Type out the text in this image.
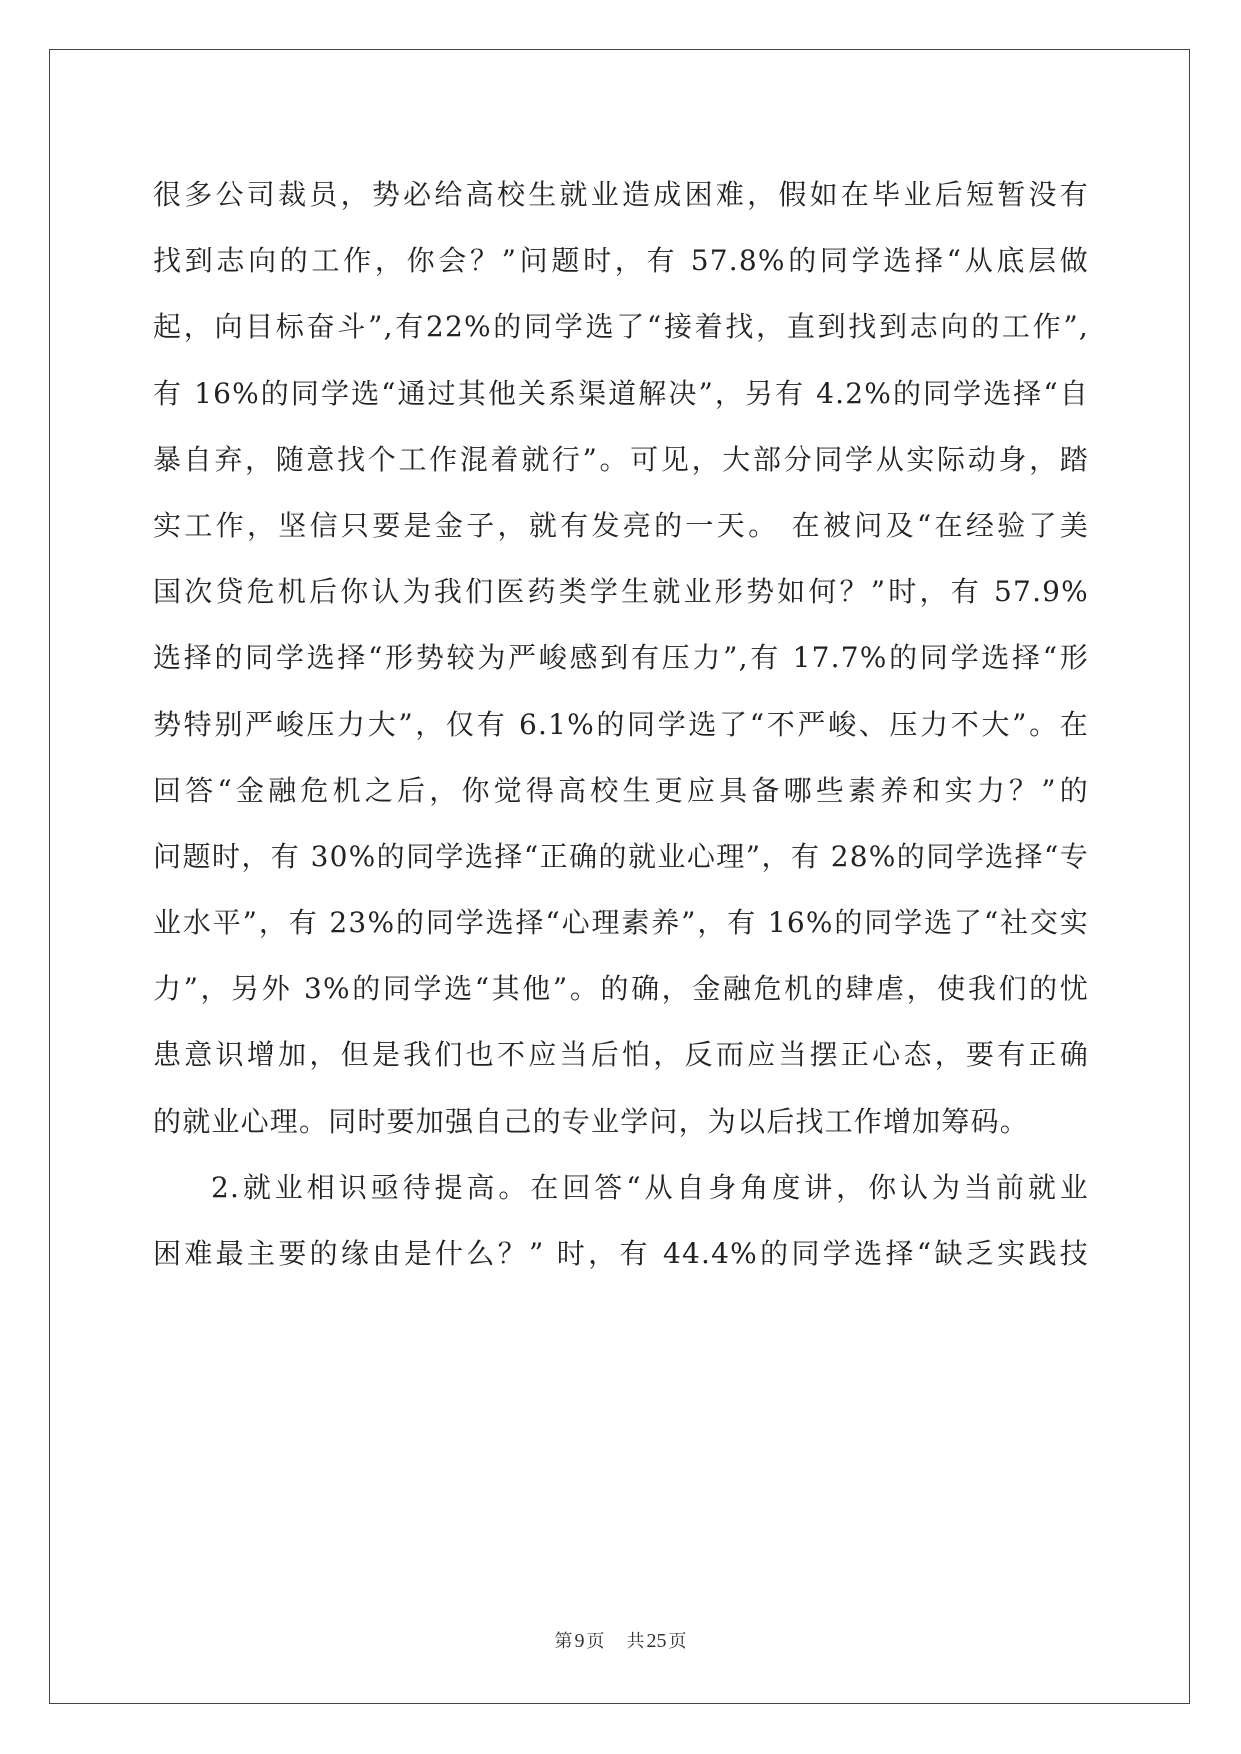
很多公司裁员，势必给高校生就业造成困难，假如在毕业后短暂没有
找到志向的工作，你会？”问题时，有 57.8%的同学选择“从底层做
起，向目标奋斗”,有22%的同学选了“接着找，直到找到志向的工作”,
有 16%的同学选“通过其他关系渠道解决”，另有 4.2%的同学选择“自
暴自弃，随意找个工作混着就行”。可见，大部分同学从实际动身，踏
实工作，坚信只要是金子，就有发亮的一天。 在被问及“在经验了美
国次贷危机后你认为我们医药类学生就业形势如何？”时，有 57.9%
选择的同学选择“形势较为严峻感到有压力”,有 17.7%的同学选择“形
势特别严峻压力大”，仅有 6.1%的同学选了“不严峻、压力不大”。在
回答“金融危机之后，你觉得高校生更应具备哪些素养和实力？”的
问题时，有 30%的同学选择“正确的就业心理”，有 28%的同学选择“专
业水平”，有 23%的同学选择“心理素养”，有 16%的同学选了“社交实
力”，另外 3%的同学选“其他”。的确，金融危机的肆虐，使我们的忧
患意识增加，但是我们也不应当后怕，反而应当摆正心态，要有正确
的就业心理。同时要加强自己的专业学问，为以后找工作增加筹码。
2.就业相识亟待提高。在回答“从自身角度讲，你认为当前就业
困难最主要的缘由是什么？” 时，有 44.4%的同学选择“缺乏实践技
第 9 页 共 25 页
